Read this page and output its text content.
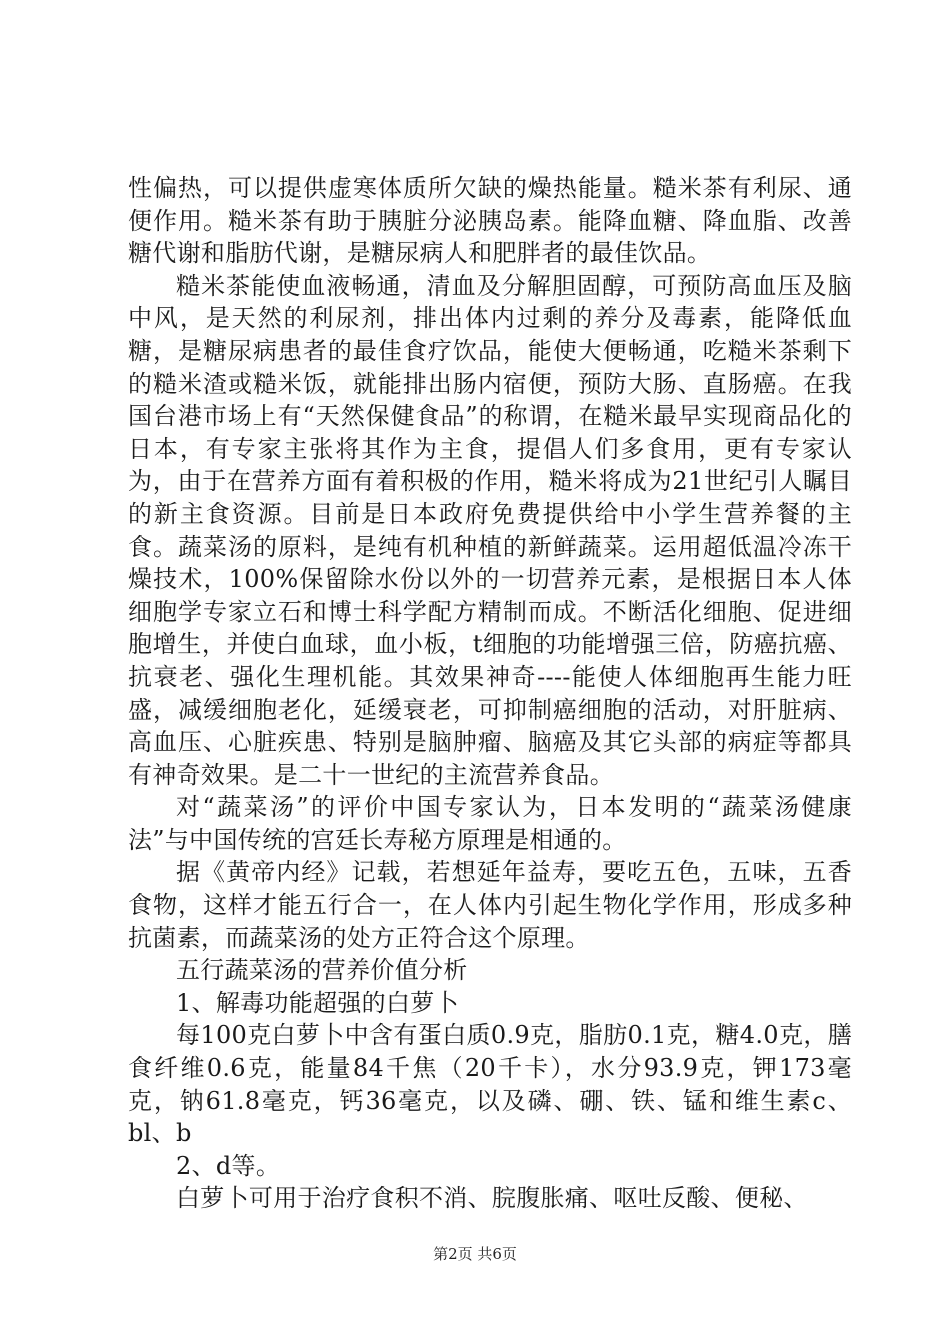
性偏热，可以提供虚寒体质所欠缺的燥热能量。糙米茶有利尿、通便作用。糙米茶有助于胰脏分泌胰岛素。能降血糖、降血脂、改善糖代谢和脂肪代谢，是糖尿病人和肥胖者的最佳饮品。

糙米茶能使血液畅通，清血及分解胆固醇，可预防高血压及脑中风，是天然的利尿剂，排出体内过剩的养分及毒素，能降低血糖，是糖尿病患者的最佳食疗饮品，能使大便畅通，吃糙米茶剩下的糙米渣或糙米饭，就能排出肠内宿便，预防大肠、直肠癌。在我国台港市场上有“天然保健食品”的称谓，在糙米最早实现商品化的日本，有专家主张将其作为主食，提倡人们多食用，更有专家认为，由于在营养方面有着积极的作用，糙米将成为21世纪引人瞩目的新主食资源。目前是日本政府免费提供给中小学生营养餐的主食。蔬菜汤的原料，是纯有机种植的新鲜蔬菜。运用超低温冷冻干燥技术，100%保留除水份以外的一切营养元素，是根据日本人体细胞学专家立石和博士科学配方精制而成。不断活化细胞、促进细胞增生，并使白血球，血小板，t细胞的功能增强三倍，防癌抗癌、抗衰老、强化生理机能。其效果神奇----能使人体细胞再生能力旺盛，减缓细胞老化，延缓衰老，可抑制癌细胞的活动，对肝脏病、高血压、心脏疾患、特别是脑肿瘤、脑癌及其它头部的病症等都具有神奇效果。是二十一世纪的主流营养食品。

对“蔬菜汤”的评价中国专家认为，日本发明的“蔬菜汤健康法”与中国传统的宫廷长寿秘方原理是相通的。

据《黄帝内经》记载，若想延年益寿，要吃五色，五味，五香食物，这样才能五行合一，在人体内引起生物化学作用，形成多种抗菌素，而蔬菜汤的处方正符合这个原理。

五行蔬菜汤的营养价值分析

1、解毒功能超强的白萝卜

每100克白萝卜中含有蛋白质0.9克，脂肪0.1克，糖4.0克，膳食纤维0.6克，能量84千焦（20千卡），水分93.9克，钾173毫克，钠61.8毫克，钙36毫克，以及磷、硼、铁、锰和维生素c、bl、b

2、d等。

白萝卜可用于治疗食积不消、脘腹胀痛、呕吐反酸、便秘、

第2页 共6页
